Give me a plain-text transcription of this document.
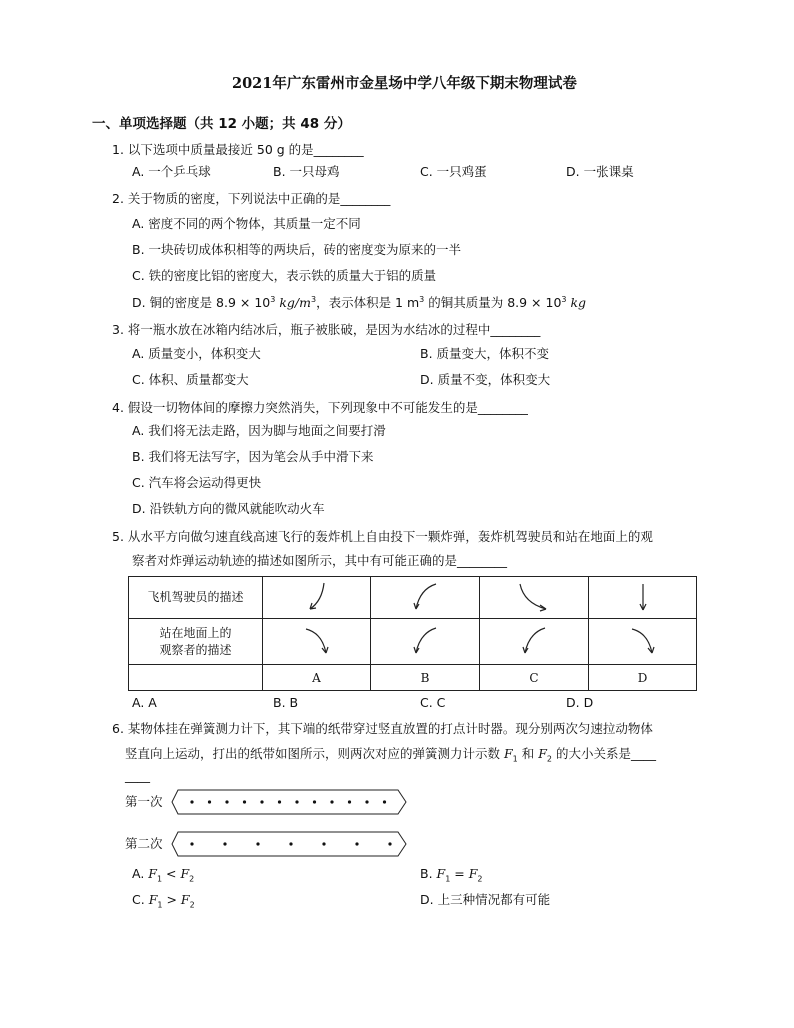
2021年广东雷州市金星场中学八年级下期末物理试卷
一、单项选择题（共 12 小题；共 48 分）
1. 以下选项中质量最接近 50 g 的是________
A. 一个乒乓球	B. 一只母鸡	C. 一只鸡蛋	D. 一张课桌
2. 关于物质的密度，下列说法中正确的是________
A. 密度不同的两个物体，其质量一定不同
B. 一块砖切成体积相等的两块后，砖的密度变为原来的一半
C. 铁的密度比铝的密度大，表示铁的质量大于铝的质量
D. 铜的密度是 $8.9 \times 10^3$ $kg/m^3$，表示体积是 1 $m^3$ 的铜其质量为 $8.9 \times 10^3$ kg
3. 将一瓶水放在冰箱内结冰后，瓶子被胀破，是因为水结冰的过程中________
A. 质量变小，体积变大	B. 质量变大，体积不变
C. 体积、质量都变大	D. 质量不变，体积变大
4. 假设一切物体间的摩擦力突然消失，下列现象中不可能发生的是________
A. 我们将无法走路，因为脚与地面之间要打滑
B. 我们将无法写字，因为笔会从手中滑下来
C. 汽车将会运动得更快
D. 沿铁轨方向的微风就能吹动火车
5. 从水平方向做匀速直线高速飞行的轰炸机上自由投下一颗炸弹，轰炸机驾驶员和站在地面上的观
察者对炸弹运动轨迹的描述如图所示，其中有可能正确的是________
飞机驾驶员的描述	

站在地面上的
观察者的描述

	A	B	C	D
A. A	B. B	C. C	D. D
6. 某物体挂在弹簧测力计下，其下端的纸带穿过竖直放置的打点计时器。现分别两次匀速拉动物体
竖直向上运动，打出的纸带如图所示，则两次对应的弹簧测力计示数 $F_1$ 和 $F_2$ 的大小关系是____
____
第一次
第二次
A. $F_1 < F_2$	B. $F_1 = F_2$
C. $F_1 > F_2$	D. 上三种情况都有可能
